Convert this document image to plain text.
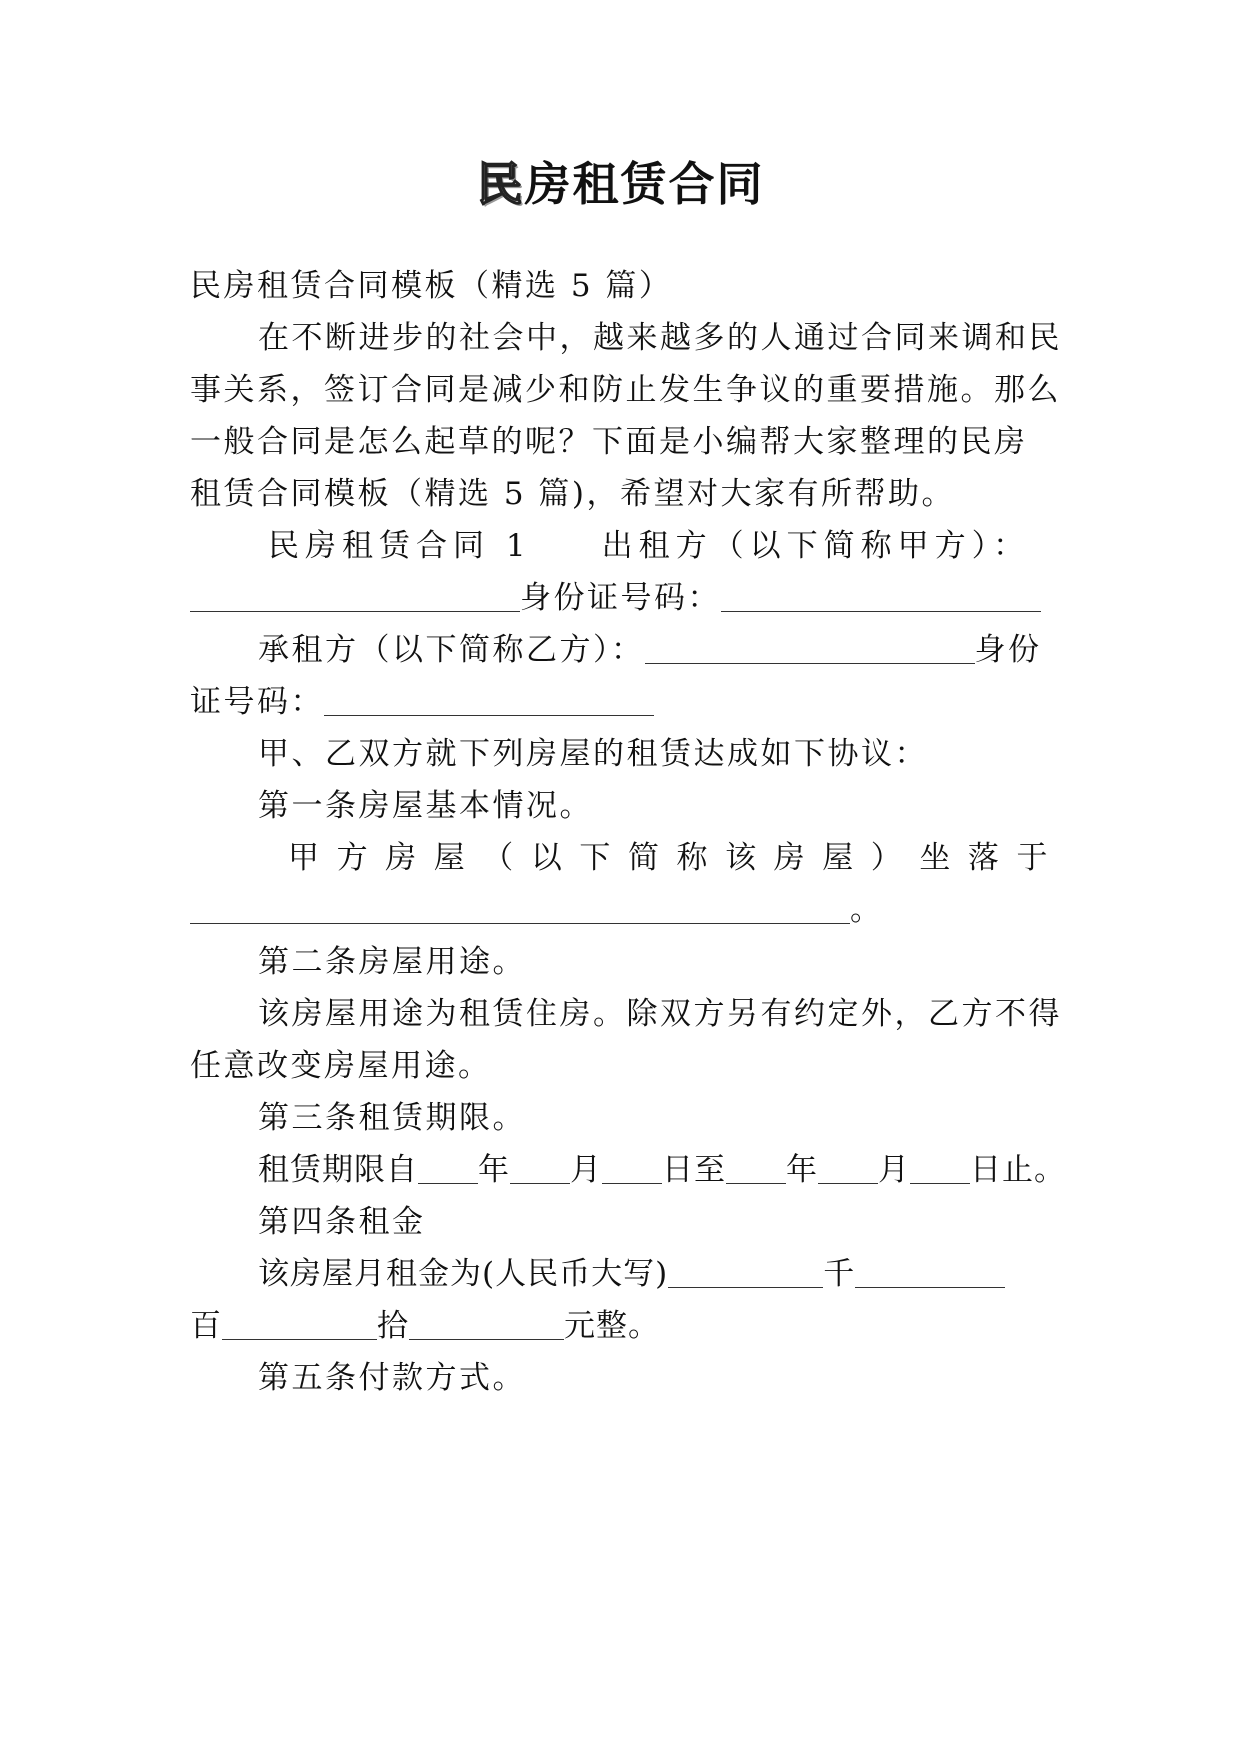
民房租赁合同
民房租赁合同模板（精选 5 篇）
在不断进步的社会中，越来越多的人通过合同来调和民
事关系，签订合同是减少和防止发生争议的重要措施。那么
一般合同是怎么起草的呢？下面是小编帮大家整理的民房
租赁合同模板（精选 5 篇)，希望对大家有所帮助。
民房租赁合同 1 出租方（以下简称甲方）：
身份证号码：
承租方（以下简称乙方）：	身份
证号码：
甲、乙双方就下列房屋的租赁达成如下协议：
第一条房屋基本情况。
甲方房屋（以下简称该房屋）坐落于
。
第二条房屋用途。
该房屋用途为租赁住房。除双方另有约定外，乙方不得
任意改变房屋用途。
第三条租赁期限。
租赁期限自 年 月 日至 年 月 日止。
第四条租金
该房屋月租金为(人民币大写)	千
百	拾	元整。
第五条付款方式。
